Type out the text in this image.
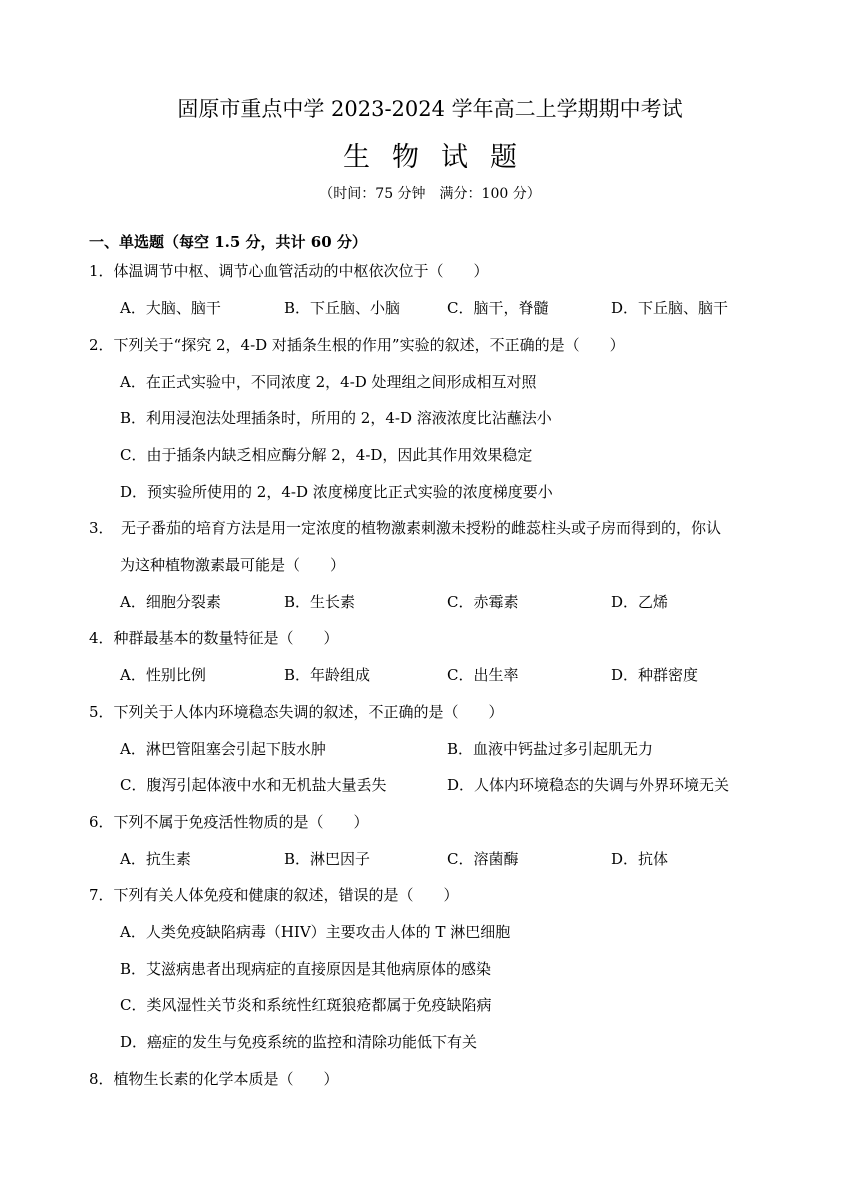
固原市重点中学 2023-2024 学年高二上学期期中考试
生物试题
（时间：75 分钟　满分：100 分）
一、单选题（每空 1.5 分，共计 60 分）
1．体温调节中枢、调节心血管活动的中枢依次位于（　　）
A．大脑、脑干	B．下丘脑、小脑	C．脑干，脊髓	D．下丘脑、脑干
2．下列关于“探究 2，4-D 对插条生根的作用”实验的叙述，不正确的是（　　）
A．在正式实验中，不同浓度 2，4-D 处理组之间形成相互对照
B．利用浸泡法处理插条时，所用的 2，4-D 溶液浓度比沾蘸法小
C．由于插条内缺乏相应酶分解 2，4-D，因此其作用效果稳定
D．预实验所使用的 2，4-D 浓度梯度比正式实验的浓度梯度要小
3．　无子番茄的培育方法是用一定浓度的植物激素刺激未授粉的雌蕊柱头或子房而得到的，你认
为这种植物激素最可能是（　　）
A．细胞分裂素	B．生长素	C．赤霉素	D．乙烯
4．种群最基本的数量特征是（　　）
A．性别比例	B．年龄组成	C．出生率	D．种群密度
5．下列关于人体内环境稳态失调的叙述，不正确的是（　　）
A．淋巴管阻塞会引起下肢水肿	B．血液中钙盐过多引起肌无力
C．腹泻引起体液中水和无机盐大量丢失	D．人体内环境稳态的失调与外界环境无关
6．下列不属于免疫活性物质的是（　　）
A．抗生素	B．淋巴因子	C．溶菌酶	D．抗体
7．下列有关人体免疫和健康的叙述，错误的是（　　）
A．人类免疫缺陷病毒（HIV）主要攻击人体的 T 淋巴细胞
B．艾滋病患者出现病症的直接原因是其他病原体的感染
C．类风湿性关节炎和系统性红斑狼疮都属于免疫缺陷病
D．癌症的发生与免疫系统的监控和清除功能低下有关
8．植物生长素的化学本质是（　　）
